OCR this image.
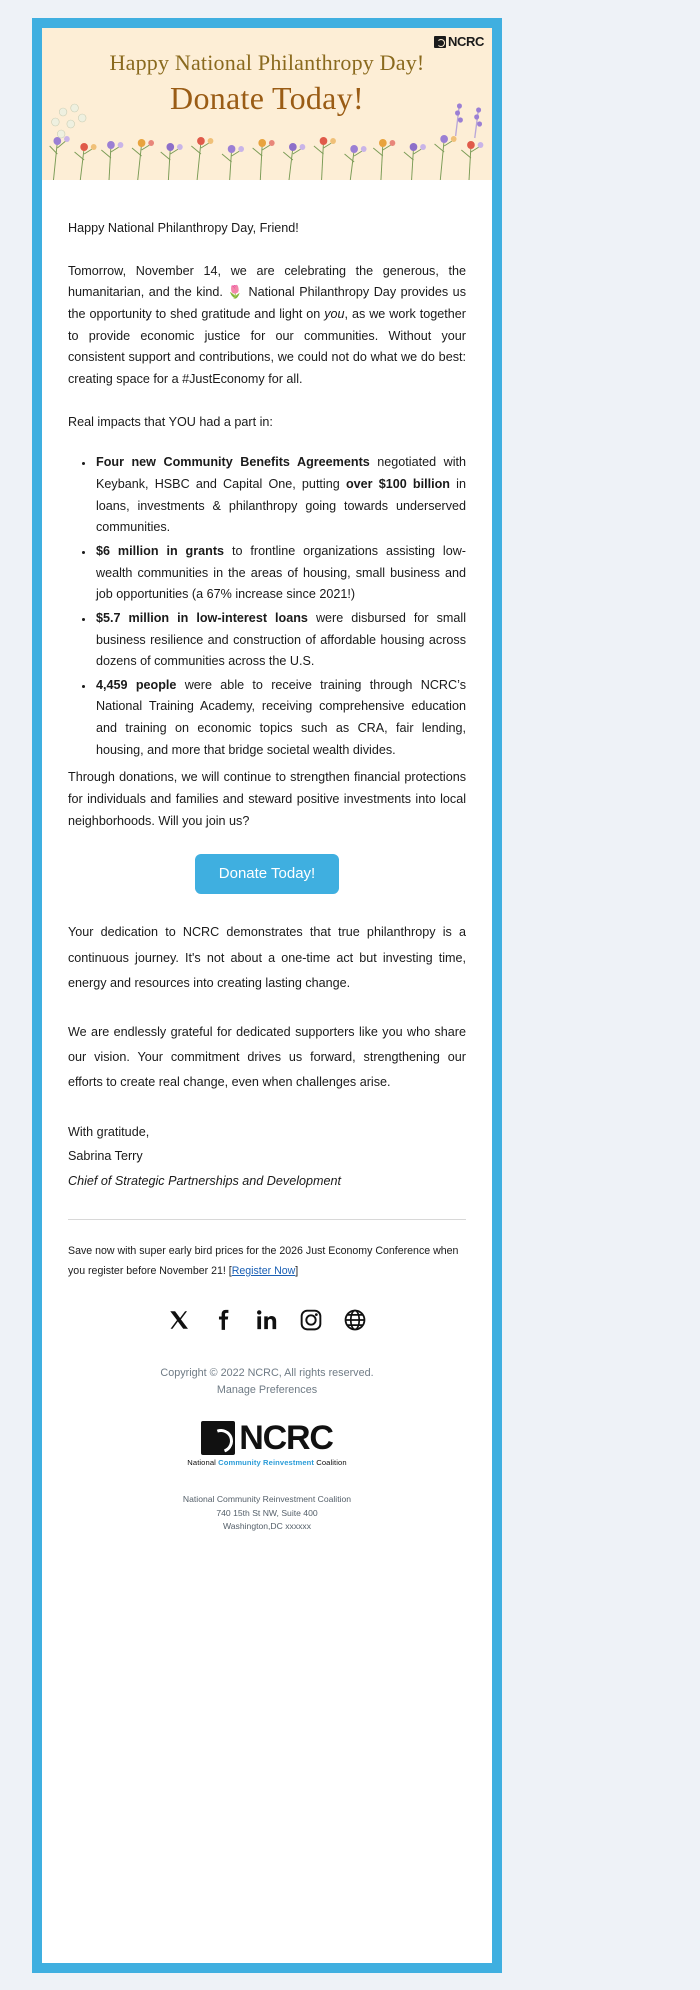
NCRC
Happy National Philanthropy Day!
Donate Today!

Happy National Philanthropy Day, Friend!

Tomorrow, November 14, we are celebrating the generous, the humanitarian, and the kind. 🌷 National Philanthropy Day provides us the opportunity to shed gratitude and light on you, as we work together to provide economic justice for our communities. Without your consistent support and contributions, we could not do what we do best: creating space for a #JustEconomy for all.

Real impacts that YOU had a part in:

• Four new Community Benefits Agreements negotiated with Keybank, HSBC and Capital One, putting over $100 billion in loans, investments & philanthropy going towards underserved communities.
• $6 million in grants to frontline organizations assisting low-wealth communities in the areas of housing, small business and job opportunities (a 67% increase since 2021!)
• $5.7 million in low-interest loans were disbursed for small business resilience and construction of affordable housing across dozens of communities across the U.S.
• 4,459 people were able to receive training through NCRC’s National Training Academy, receiving comprehensive education and training on economic topics such as CRA, fair lending, housing, and more that bridge societal wealth divides.

Through donations, we will continue to strengthen financial protections for individuals and families and steward positive investments into local neighborhoods. Will you join us?

Donate Today!

Your dedication to NCRC demonstrates that true philanthropy is a continuous journey. It's not about a one-time act but investing time, energy and resources into creating lasting change.

We are endlessly grateful for dedicated supporters like you who share our vision. Your commitment drives us forward, strengthening our efforts to create real change, even when challenges arise.

With gratitude,
Sabrina Terry
Chief of Strategic Partnerships and Development

Save now with super early bird prices for the 2026 Just Economy Conference when you register before November 21! [Register Now]

Copyright © 2022 NCRC, All rights reserved.
Manage Preferences
NCRC
National Community Reinvestment Coalition
National Community Reinvestment Coalition
740 15th St NW, Suite 400
Washington,DC xxxxxx
